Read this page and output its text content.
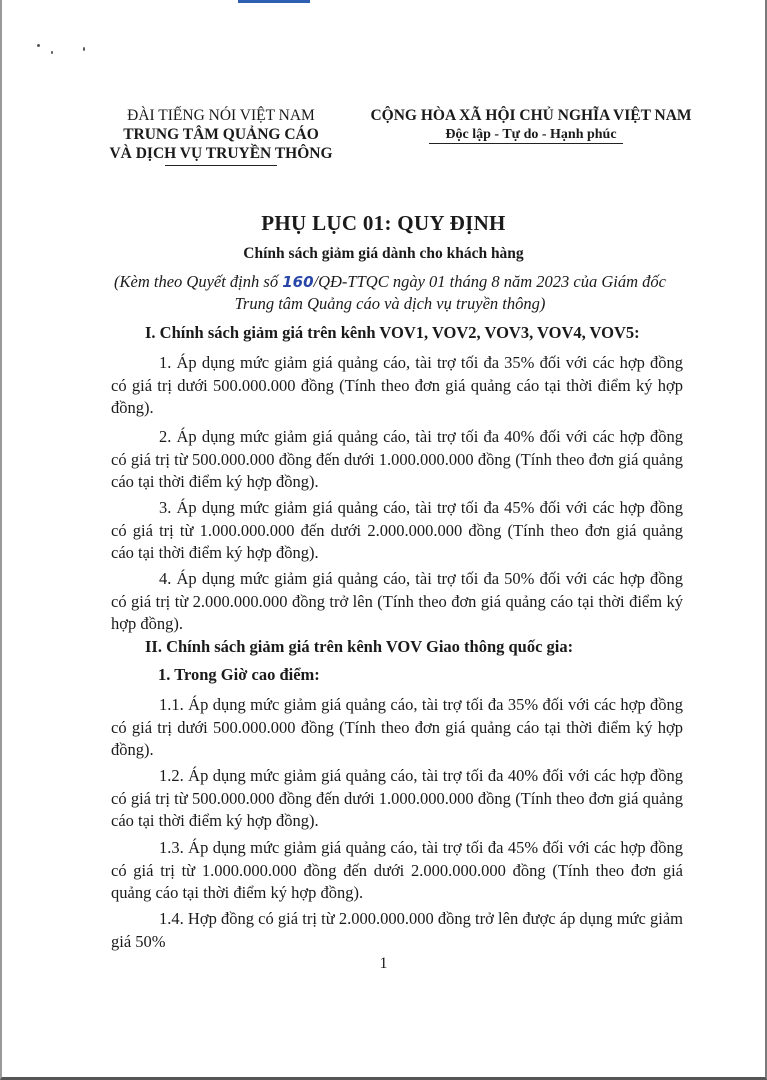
ĐÀI TIẾNG NÓI VIỆT NAM
TRUNG TÂM QUẢNG CÁO
VÀ DỊCH VỤ TRUYỀN THÔNG
CỘNG HÒA XÃ HỘI CHỦ NGHĨA VIỆT NAM
Độc lập - Tự do - Hạnh phúc
PHỤ LỤC 01: QUY ĐỊNH
Chính sách giảm giá dành cho khách hàng
(Kèm theo Quyết định số 160/QĐ-TTQC ngày 01 tháng 8 năm 2023 của Giám đốc Trung tâm Quảng cáo và dịch vụ truyền thông)
I. Chính sách giảm giá trên kênh VOV1, VOV2, VOV3, VOV4, VOV5:
1. Áp dụng mức giảm giá quảng cáo, tài trợ tối đa 35% đối với các hợp đồng có giá trị dưới 500.000.000 đồng (Tính theo đơn giá quảng cáo tại thời điểm ký hợp đồng).
2. Áp dụng mức giảm giá quảng cáo, tài trợ tối đa 40% đối với các hợp đồng có giá trị từ 500.000.000 đồng đến dưới 1.000.000.000 đồng (Tính theo đơn giá quảng cáo tại thời điểm ký hợp đồng).
3. Áp dụng mức giảm giá quảng cáo, tài trợ tối đa 45% đối với các hợp đồng có giá trị từ 1.000.000.000 đến dưới 2.000.000.000 đồng (Tính theo đơn giá quảng cáo tại thời điểm ký hợp đồng).
4. Áp dụng mức giảm giá quảng cáo, tài trợ tối đa 50% đối với các hợp đồng có giá trị từ 2.000.000.000 đồng trở lên (Tính theo đơn giá quảng cáo tại thời điểm ký hợp đồng).
II. Chính sách giảm giá trên kênh VOV Giao thông quốc gia:
1. Trong Giờ cao điểm:
1.1. Áp dụng mức giảm giá quảng cáo, tài trợ tối đa 35% đối với các hợp đồng có giá trị dưới 500.000.000 đồng (Tính theo đơn giá quảng cáo tại thời điểm ký hợp đồng).
1.2. Áp dụng mức giảm giá quảng cáo, tài trợ tối đa 40% đối với các hợp đồng có giá trị từ 500.000.000 đồng đến dưới 1.000.000.000 đồng (Tính theo đơn giá quảng cáo tại thời điểm ký hợp đồng).
1.3. Áp dụng mức giảm giá quảng cáo, tài trợ tối đa 45% đối với các hợp đồng có giá trị từ 1.000.000.000 đồng đến dưới 2.000.000.000 đồng (Tính theo đơn giá quảng cáo tại thời điểm ký hợp đồng).
1.4. Hợp đồng có giá trị từ 2.000.000.000 đồng trở lên được áp dụng mức giảm giá 50%
1
